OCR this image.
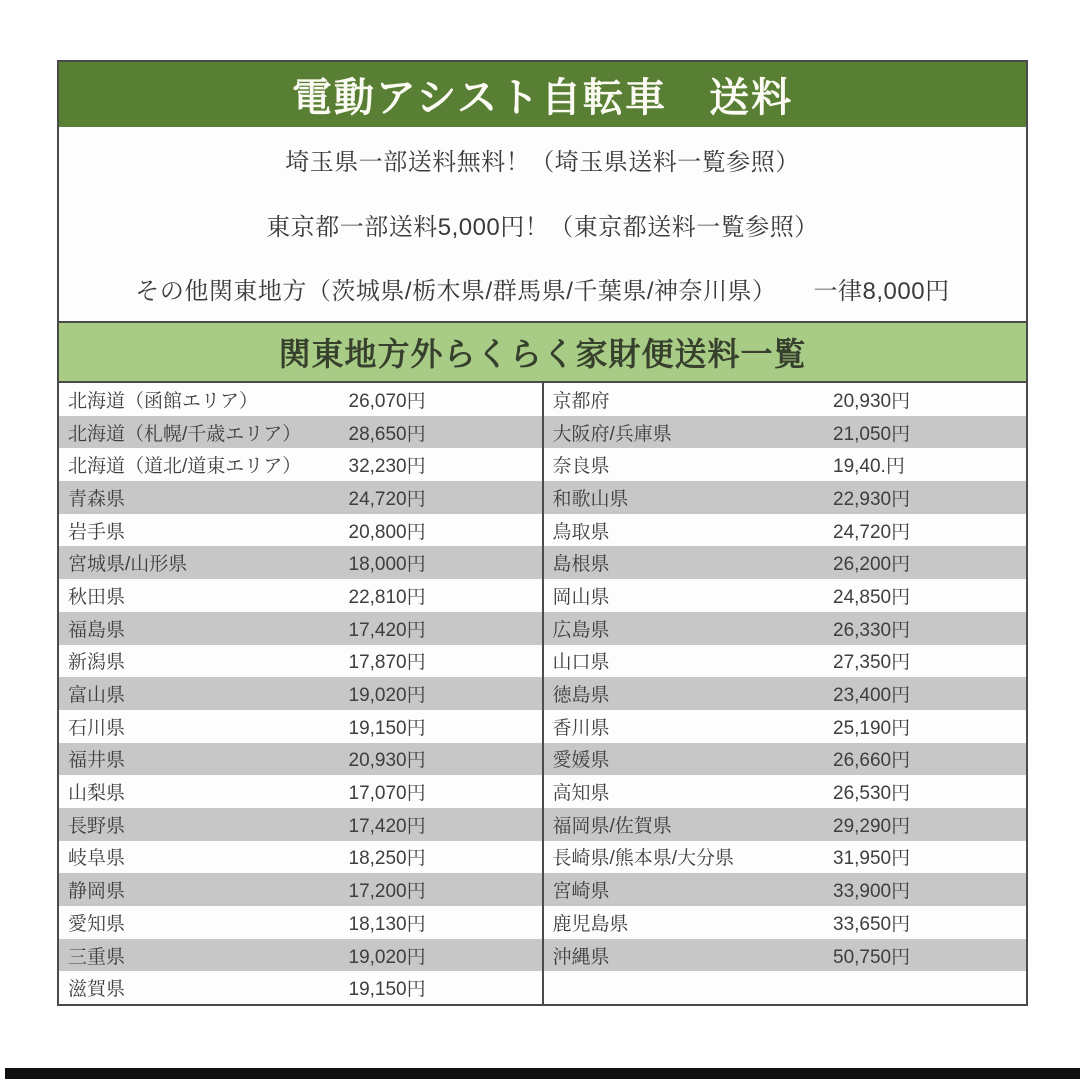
電動アシスト自転車　送料
埼玉県一部送料無料！（埼玉県送料一覧参照）
東京都一部送料5,000円！（東京都送料一覧参照）
その他関東地方（茨城県/栃木県/群馬県/千葉県/神奈川県）　　一律8,000円
関東地方外らくらく家財便送料一覧
北海道（函館エリア）	26,070円
北海道（札幌/千歳エリア）	28,650円
北海道（道北/道東エリア）	32,230円
青森県	24,720円
岩手県	20,800円
宮城県/山形県	18,000円
秋田県	22,810円
福島県	17,420円
新潟県	17,870円
富山県	19,020円
石川県	19,150円
福井県	20,930円
山梨県	17,070円
長野県	17,420円
岐阜県	18,250円
静岡県	17,200円
愛知県	18,130円
三重県	19,020円
滋賀県	19,150円
京都府	20,930円
大阪府/兵庫県	21,050円
奈良県	19,40.円
和歌山県	22,930円
鳥取県	24,720円
島根県	26,200円
岡山県	24,850円
広島県	26,330円
山口県	27,350円
徳島県	23,400円
香川県	25,190円
愛媛県	26,660円
高知県	26,530円
福岡県/佐賀県	29,290円
長崎県/熊本県/大分県	31,950円
宮崎県	33,900円
鹿児島県	33,650円
沖縄県	50,750円
